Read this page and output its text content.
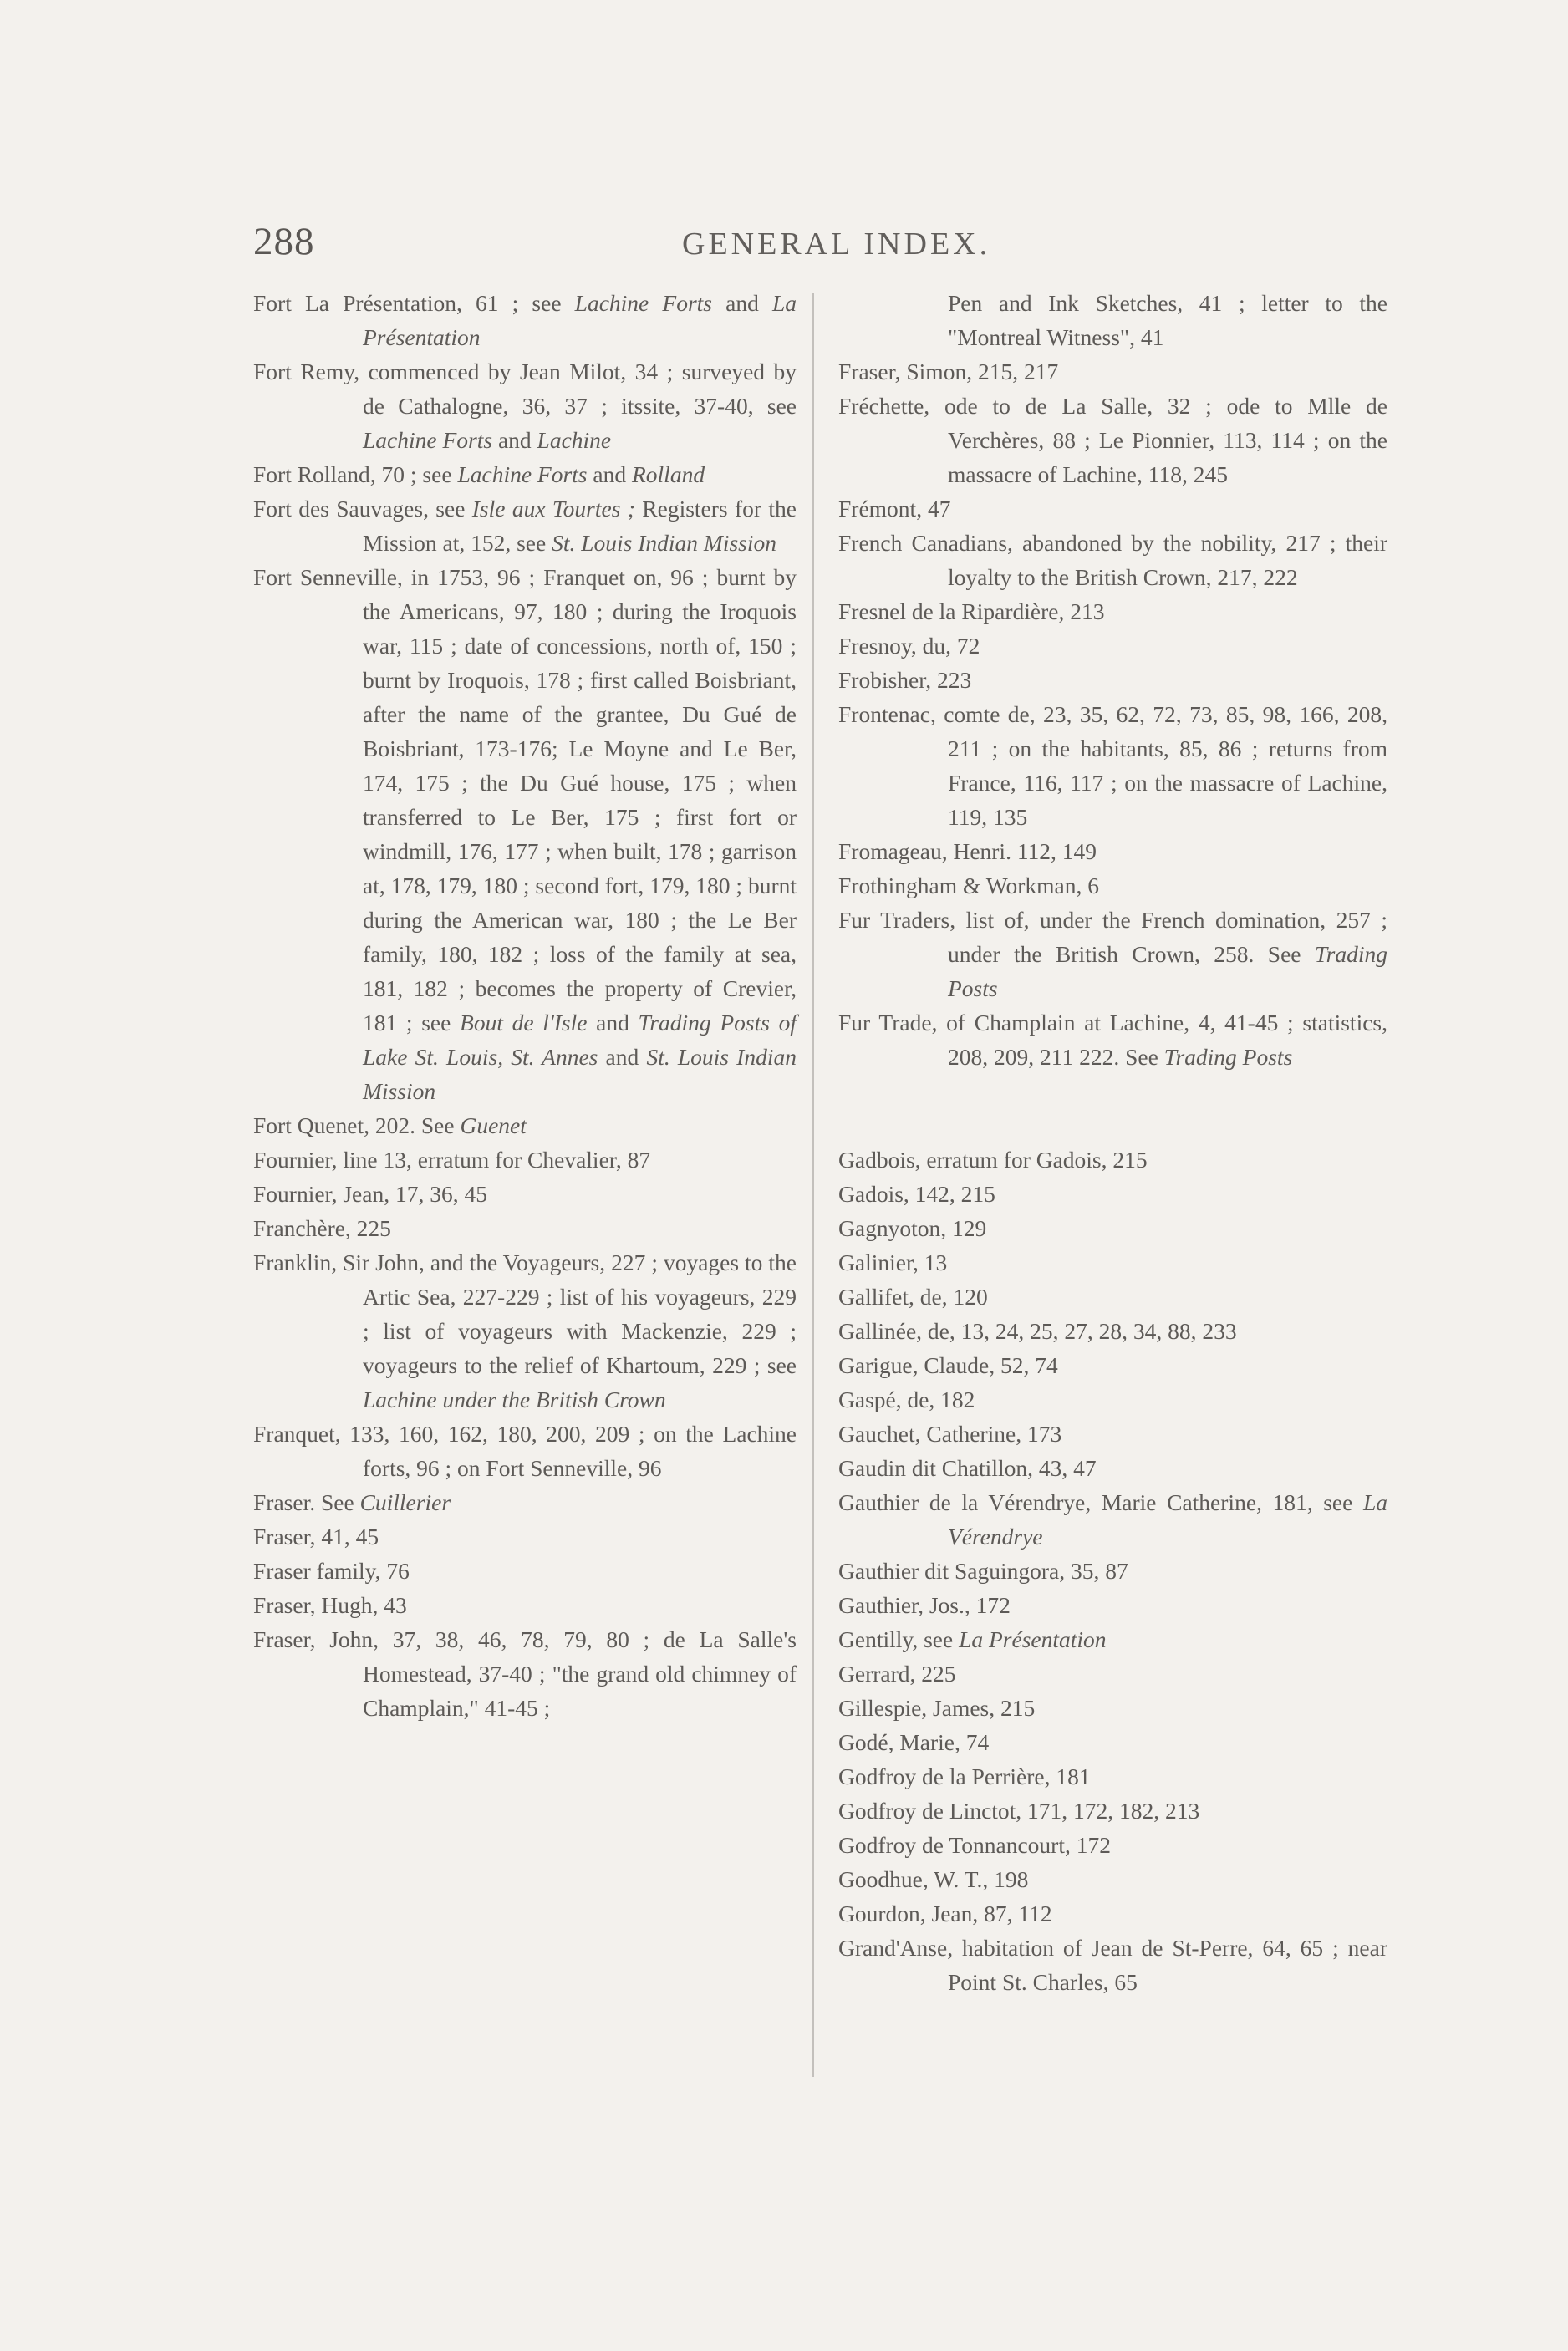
288	GENERAL INDEX.

Fort La Présentation, 61 ; see Lachine Forts and La Présentation

Fort Remy, commenced by Jean Milot, 34 ; surveyed by de Cathalogne, 36, 37 ; itssite, 37-40, see Lachine Forts and Lachine

Fort Rolland, 70 ; see Lachine Forts and Rolland

Fort des Sauvages, see Isle aux Tourtes ; Registers for the Mission at, 152, see St. Louis Indian Mission

Fort Senneville, in 1753, 96 ; Franquet on, 96 ; burnt by the Americans, 97, 180 ; during the Iroquois war, 115 ; date of concessions, north of, 150 ; burnt by Iroquois, 178 ; first called Boisbriant, after the name of the grantee, Du Gué de Boisbriant, 173-176; Le Moyne and Le Ber, 174, 175 ; the Du Gué house, 175 ; when transferred to Le Ber, 175 ; first fort or windmill, 176, 177 ; when built, 178 ; garrison at, 178, 179, 180 ; second fort, 179, 180 ; burnt during the American war, 180 ; the Le Ber family, 180, 182 ; loss of the family at sea, 181, 182 ; becomes the property of Crevier, 181 ; see Bout de l'Isle and Trading Posts of Lake St. Louis, St. Annes and St. Louis Indian Mission

Fort Quenet, 202. See Guenet

Fournier, line 13, erratum for Chevalier, 87

Fournier, Jean, 17, 36, 45

Franchère, 225

Franklin, Sir John, and the Voyageurs, 227 ; voyages to the Artic Sea, 227-229 ; list of his voyageurs, 229 ; list of voyageurs with Mackenzie, 229 ; voyageurs to the relief of Khartoum, 229 ; see Lachine under the British Crown

Franquet, 133, 160, 162, 180, 200, 209 ; on the Lachine forts, 96 ; on Fort Senneville, 96

Fraser. See Cuillerier

Fraser, 41, 45

Fraser family, 76

Fraser, Hugh, 43

Fraser, John, 37, 38, 46, 78, 79, 80 ; de La Salle's Homestead, 37-40 ; "the grand old chimney of Champlain," 41-45 ;

Pen and Ink Sketches, 41 ; letter to the "Montreal Witness", 41

Fraser, Simon, 215, 217

Fréchette, ode to de La Salle, 32 ; ode to Mlle de Verchères, 88 ; Le Pionnier, 113, 114 ; on the massacre of Lachine, 118, 245

Frémont, 47

French Canadians, abandoned by the nobility, 217 ; their loyalty to the British Crown, 217, 222

Fresnel de la Ripardière, 213

Fresnoy, du, 72

Frobisher, 223

Frontenac, comte de, 23, 35, 62, 72, 73, 85, 98, 166, 208, 211 ; on the habitants, 85, 86 ; returns from France, 116, 117 ; on the massacre of Lachine, 119, 135

Fromageau, Henri. 112, 149

Frothingham & Workman, 6

Fur Traders, list of, under the French domination, 257 ; under the British Crown, 258. See Trading Posts

Fur Trade, of Champlain at Lachine, 4, 41-45 ; statistics, 208, 209, 211 222. See Trading Posts

Gadbois, erratum for Gadois, 215

Gadois, 142, 215

Gagnyoton, 129

Galinier, 13

Gallifet, de, 120

Gallinée, de, 13, 24, 25, 27, 28, 34, 88, 233

Garigue, Claude, 52, 74

Gaspé, de, 182

Gauchet, Catherine, 173

Gaudin dit Chatillon, 43, 47

Gauthier de la Vérendrye, Marie Catherine, 181, see La Vérendrye

Gauthier dit Saguingora, 35, 87

Gauthier, Jos., 172

Gentilly, see La Présentation

Gerrard, 225

Gillespie, James, 215

Godé, Marie, 74

Godfroy de la Perrière, 181

Godfroy de Linctot, 171, 172, 182, 213

Godfroy de Tonnancourt, 172

Goodhue, W. T., 198

Gourdon, Jean, 87, 112

Grand'Anse, habitation of Jean de St-Perre, 64, 65 ; near Point St. Charles, 65
